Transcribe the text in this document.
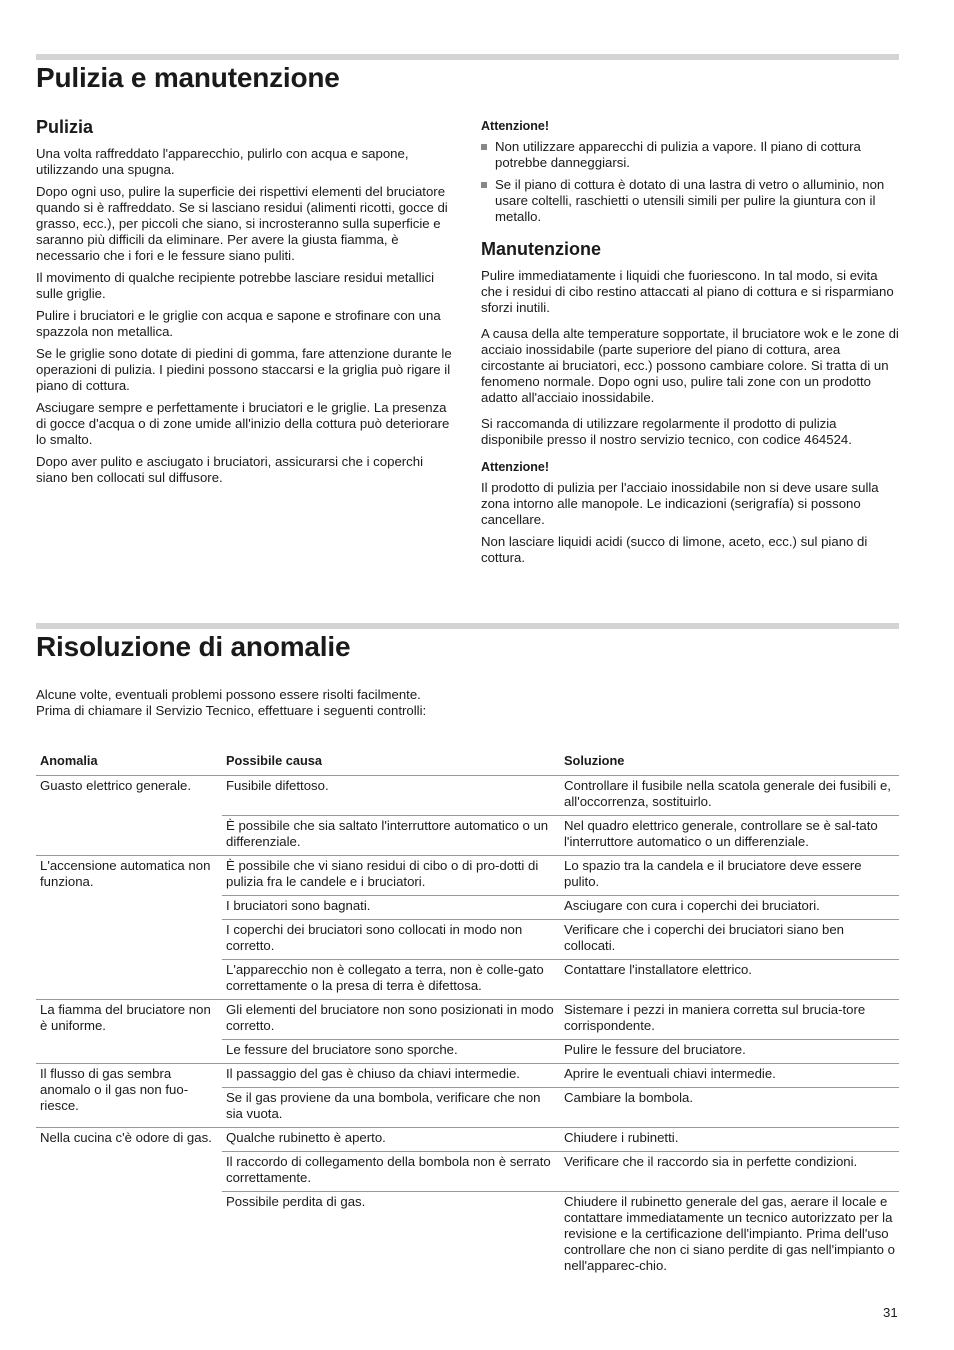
Pulizia e manutenzione
Pulizia

Una volta raffreddato l'apparecchio, pulirlo con acqua e sapone, utilizzando una spugna.

Dopo ogni uso, pulire la superficie dei rispettivi elementi del bruciatore quando si è raffreddato. Se si lasciano residui (alimenti ricotti, gocce di grasso, ecc.), per piccoli che siano, si incrosteranno sulla superficie e saranno più difficili da eliminare. Per avere la giusta fiamma, è necessario che i fori e le fessure siano puliti.

Il movimento di qualche recipiente potrebbe lasciare residui metallici sulle griglie.

Pulire i bruciatori e le griglie con acqua e sapone e strofinare con una spazzola non metallica.

Se le griglie sono dotate di piedini di gomma, fare attenzione durante le operazioni di pulizia. I piedini possono staccarsi e la griglia può rigare il piano di cottura.

Asciugare sempre e perfettamente i bruciatori e le griglie. La presenza di gocce d'acqua o di zone umide all'inizio della cottura può deteriorare lo smalto.

Dopo aver pulito e asciugato i bruciatori, assicurarsi che i coperchi siano ben collocati sul diffusore.

Attenzione!
Non utilizzare apparecchi di pulizia a vapore. Il piano di cottura potrebbe danneggiarsi.
Se il piano di cottura è dotato di una lastra di vetro o alluminio, non usare coltelli, raschietti o utensili simili per pulire la giuntura con il metallo.
Manutenzione

Pulire immediatamente i liquidi che fuoriescono. In tal modo, si evita che i residui di cibo restino attaccati al piano di cottura e si risparmiano sforzi inutili.

A causa della alte temperature sopportate, il bruciatore wok e le zone di acciaio inossidabile (parte superiore del piano di cottura, area circostante ai bruciatori, ecc.) possono cambiare colore. Si tratta di un fenomeno normale. Dopo ogni uso, pulire tali zone con un prodotto adatto all'acciaio inossidabile.

Si raccomanda di utilizzare regolarmente il prodotto di pulizia disponibile presso il nostro servizio tecnico, con codice 464524.

Attenzione!

Il prodotto di pulizia per l'acciaio inossidabile non si deve usare sulla zona intorno alle manopole. Le indicazioni (serigrafía) si possono cancellare.

Non lasciare liquidi acidi (succo di limone, aceto, ecc.) sul piano di cottura.

Risoluzione di anomalie

Alcune volte, eventuali problemi possono essere risolti facilmente. Prima di chiamare il Servizio Tecnico, effettuare i seguenti controlli:

Anomalia	Possibile causa	Soluzione
Guasto elettrico generale.	Fusibile difettoso.	Controllare il fusibile nella scatola generale dei fusibili e, all'occorrenza, sostituirlo.
	È possibile che sia saltato l'interruttore automatico o un differenziale.	Nel quadro elettrico generale, controllare se è sal-tato l'interruttore automatico o un differenziale.
L'accensione automatica non funziona.	È possibile che vi siano residui di cibo o di pro-dotti di pulizia fra le candele e i bruciatori.	Lo spazio tra la candela e il bruciatore deve essere pulito.
	I bruciatori sono bagnati.	Asciugare con cura i coperchi dei bruciatori.
	I coperchi dei bruciatori sono collocati in modo non corretto.	Verificare che i coperchi dei bruciatori siano ben collocati.
	L'apparecchio non è collegato a terra, non è colle-gato correttamente o la presa di terra è difettosa.	Contattare l'installatore elettrico.
La fiamma del bruciatore non è uniforme.	Gli elementi del bruciatore non sono posizionati in modo corretto.	Sistemare i pezzi in maniera corretta sul brucia-tore corrispondente.
	Le fessure del bruciatore sono sporche.	Pulire le fessure del bruciatore.
Il flusso di gas sembra anomalo o il gas non fuo-riesce.	Il passaggio del gas è chiuso da chiavi intermedie.	Aprire le eventuali chiavi intermedie.
	Se il gas proviene da una bombola, verificare che non sia vuota.	Cambiare la bombola.
Nella cucina c'è odore di gas.	Qualche rubinetto è aperto.	Chiudere i rubinetti.
	Il raccordo di collegamento della bombola non è serrato correttamente.	Verificare che il raccordo sia in perfette condizioni.
	Possibile perdita di gas.	Chiudere il rubinetto generale del gas, aerare il locale e contattare immediatamente un tecnico autorizzato per la revisione e la certificazione dell'impianto. Prima dell'uso controllare che non ci siano perdite di gas nell'impianto o nell'apparec-chio.
31
